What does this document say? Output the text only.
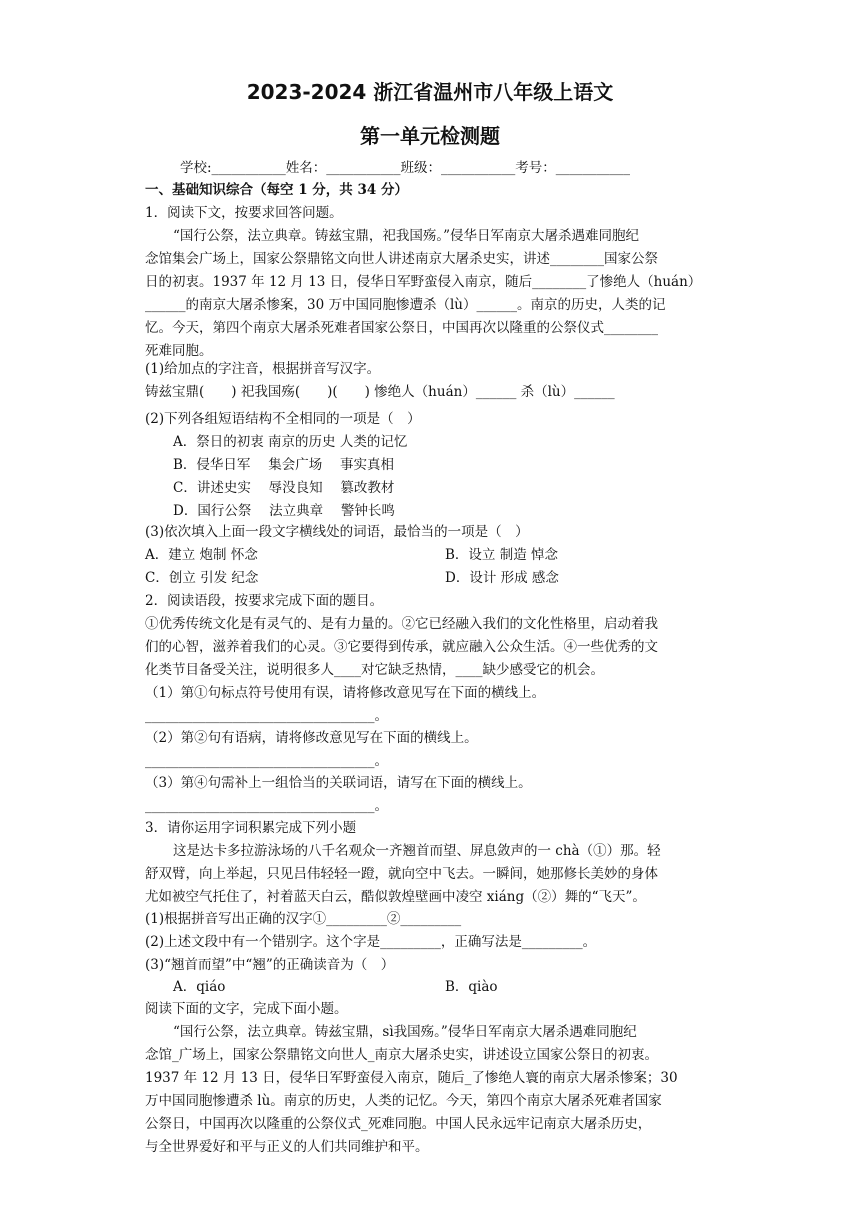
2023-2024 浙江省温州市八年级上语文
第一单元检测题
学校:___________姓名：___________班级：___________考号：___________
一、基础知识综合（每空 1 分，共 34 分）
1．阅读下文，按要求回答问题。
“国行公祭，法立典章。铸兹宝鼎，祀我国殇。”侵华日军南京大屠杀遇难同胞纪
念馆集会广场上，国家公祭鼎铭文向世人讲述南京大屠杀史实，讲述________国家公祭
日的初衷。1937 年 12 月 13 日，侵华日军野蛮侵入南京，随后________了惨绝人（huán）
______的南京大屠杀惨案，30 万中国同胞惨遭杀（lù）______。南京的历史，人类的记
忆。今天，第四个南京大屠杀死难者国家公祭日，中国再次以隆重的公祭仪式________
死难同胞。
(1)给加点的字注音，根据拼音写汉字。
铸兹宝鼎(　　) 祀我国殇(　　)(　　) 惨绝人（huán）______ 杀（lù）______
(2)下列各组短语结构不全相同的一项是（　）
A．祭日的初衷 南京的历史 人类的记忆
B．侵华日军　 集会广场　 事实真相
C．讲述史实　 辱没良知　 篡改教材
D．国行公祭　 法立典章　 警钟长鸣
(3)依次填入上面一段文字横线处的词语，最恰当的一项是（　）
A．建立 炮制 怀念	B．设立 制造 悼念
C．创立 引发 纪念	D．设计 形成 感念
2．阅读语段，按要求完成下面的题目。
①优秀传统文化是有灵气的、是有力量的。②它已经融入我们的文化性格里，启动着我
们的心智，滋养着我们的心灵。③它要得到传承，就应融入公众生活。④一些优秀的文
化类节目备受关注，说明很多人____对它缺乏热情，____缺少感受它的机会。
（1）第①句标点符号使用有误，请将修改意见写在下面的横线上。
__________________________________。
（2）第②句有语病，请将修改意见写在下面的横线上。
__________________________________。
（3）第④句需补上一组恰当的关联词语，请写在下面的横线上。
__________________________________。
3．请你运用字词积累完成下列小题
这是达卡多拉游泳场的八千名观众一齐翘首而望、屏息敛声的一 chà（①）那。轻
舒双臂，向上举起，只见吕伟轻轻一蹬，就向空中飞去。一瞬间，她那修长美妙的身体
尤如被空气托住了，衬着蓝天白云，酷似敦煌壁画中凌空 xiáng（②）舞的“飞天”。
(1)根据拼音写出正确的汉字①_________②_________
(2)上述文段中有一个错别字。这个字是_________，正确写法是_________。
(3)“翘首而望”中“翘”的正确读音为（　）
A．qiáo	B．qiào
阅读下面的文字，完成下面小题。
“国行公祭，法立典章。铸兹宝鼎，sì我国殇。”侵华日军南京大屠杀遇难同胞纪
念馆_广场上，国家公祭鼎铭文向世人_南京大屠杀史实，讲述设立国家公祭日的初衷。
1937 年 12 月 13 日，侵华日军野蛮侵入南京，随后_了惨绝人寰的南京大屠杀惨案；30
万中国同胞惨遭杀 lù。南京的历史，人类的记忆。今天，第四个南京大屠杀死难者国家
公祭日，中国再次以隆重的公祭仪式_死难同胞。中国人民永远牢记南京大屠杀历史，
与全世界爱好和平与正义的人们共同维护和平。
